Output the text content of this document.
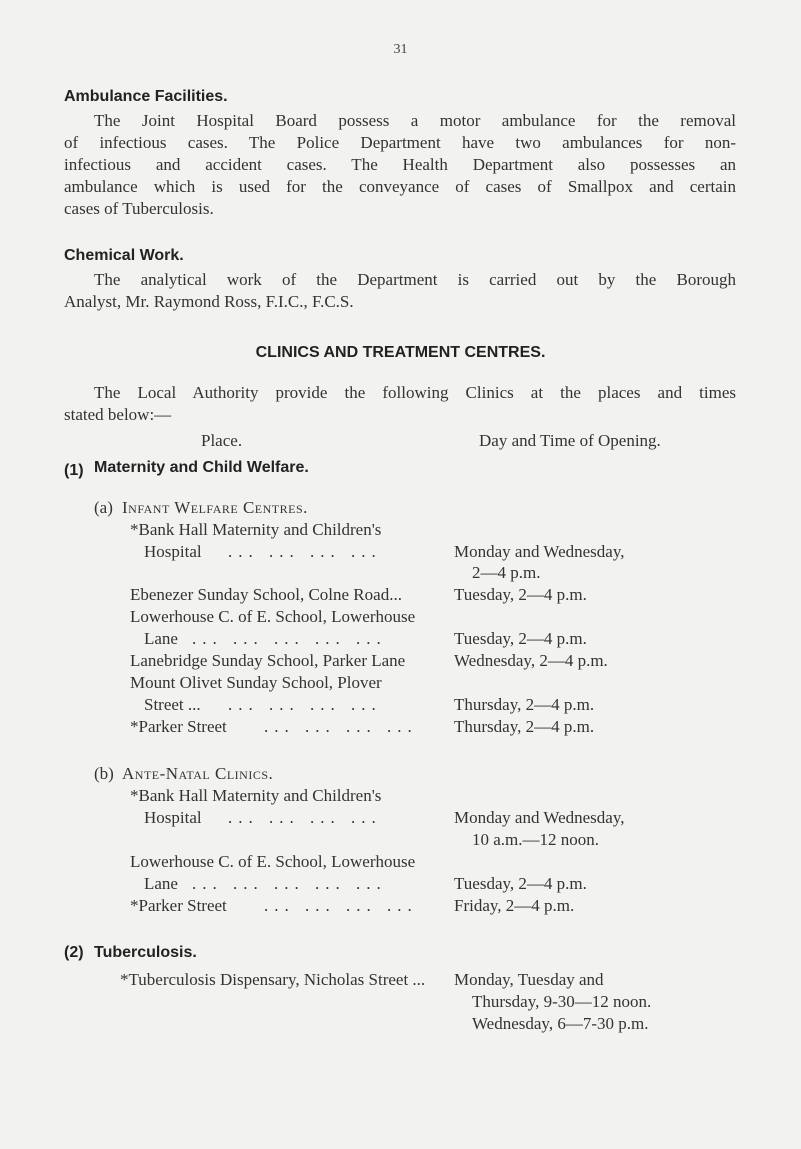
31
Ambulance Facilities.
The Joint Hospital Board possess a motor ambulance for the removal
of infectious cases. The Police Department have two ambulances for non-
infectious and accident cases. The Health Department also possesses an
ambulance which is used for the conveyance of cases of Smallpox and certain
cases of Tuberculosis.
Chemical Work.
The analytical work of the Department is carried out by the Borough
Analyst, Mr. Raymond Ross, F.I.C., F.C.S.
CLINICS AND TREATMENT CENTRES.
The Local Authority provide the following Clinics at the places and times
stated below:—
Place.	Day and Time of Opening.
(1) Maternity and Child Welfare.
(a) Infant Welfare Centres.
*Bank Hall Maternity and Children's
Hospital ... ... ... ...	Monday and Wednesday,
2—4 p.m.
Ebenezer Sunday School, Colne Road...	Tuesday, 2—4 p.m.
Lowerhouse C. of E. School, Lowerhouse
Lane ... ... ... ... ...	Tuesday, 2—4 p.m.
Lanebridge Sunday School, Parker Lane	Wednesday, 2—4 p.m.
Mount Olivet Sunday School, Plover
Street ... ... ... ... ...	Thursday, 2—4 p.m.
*Parker Street ... ... ... ... Thursday, 2—4 p.m.
(b) Ante-Natal Clinics.
*Bank Hall Maternity and Children's
Hospital ... ... ... ...	Monday and Wednesday,
10 a.m.—12 noon.
Lowerhouse C. of E. School, Lowerhouse
Lane ... ... ... ... ...	Tuesday, 2—4 p.m.
*Parker Street ... ... ... ... Friday, 2—4 p.m.
(2) Tuberculosis.
*Tuberculosis Dispensary, Nicholas Street ... Monday, Tuesday and
Thursday, 9-30—12 noon.
Wednesday, 6—7-30 p.m.
